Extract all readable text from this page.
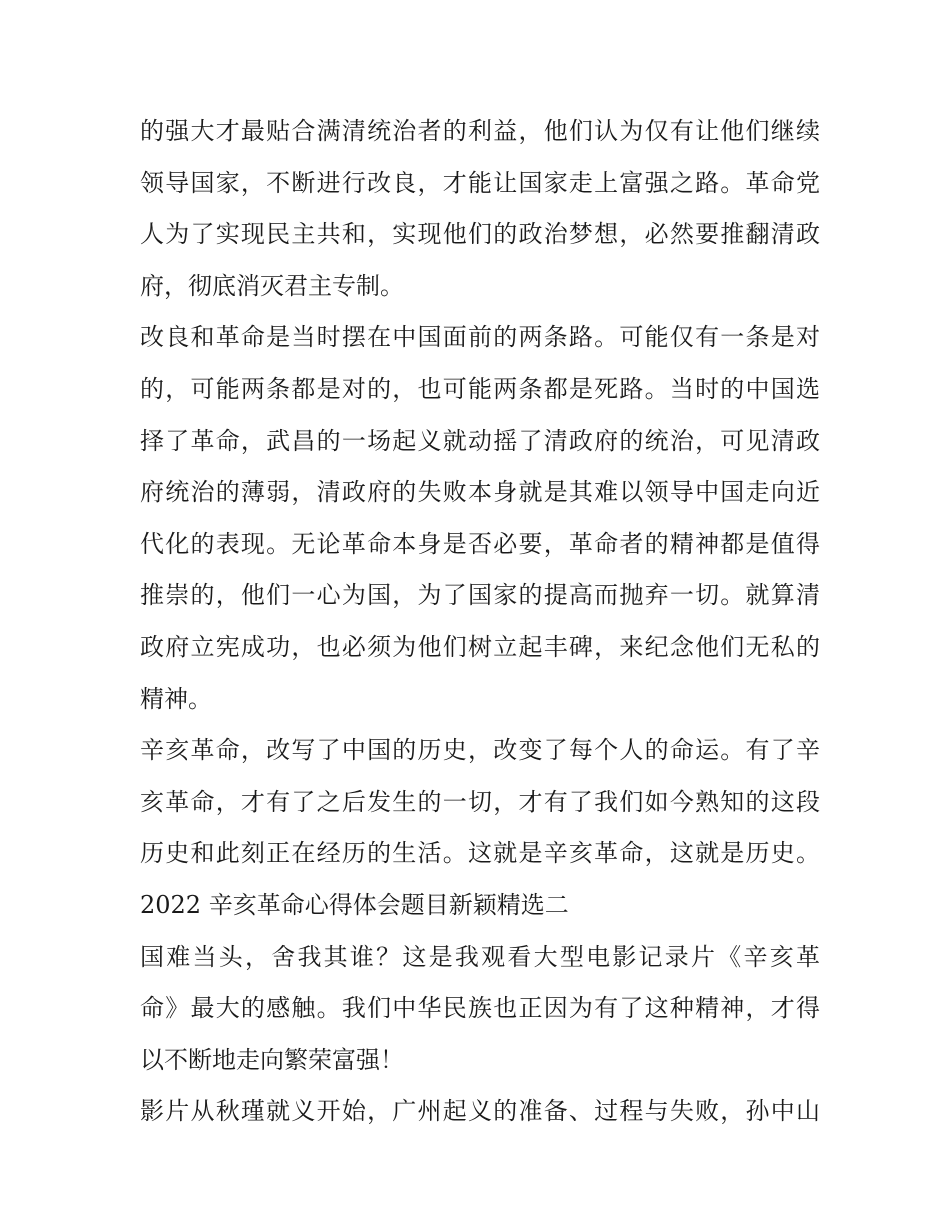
的强大才最贴合满清统治者的利益，他们认为仅有让他们继续
领导国家，不断进行改良，才能让国家走上富强之路。革命党
人为了实现民主共和，实现他们的政治梦想，必然要推翻清政
府，彻底消灭君主专制。
改良和革命是当时摆在中国面前的两条路。可能仅有一条是对
的，可能两条都是对的，也可能两条都是死路。当时的中国选
择了革命，武昌的一场起义就动摇了清政府的统治，可见清政
府统治的薄弱，清政府的失败本身就是其难以领导中国走向近
代化的表现。无论革命本身是否必要，革命者的精神都是值得
推崇的，他们一心为国，为了国家的提高而抛弃一切。就算清
政府立宪成功，也必须为他们树立起丰碑，来纪念他们无私的
精神。
辛亥革命，改写了中国的历史，改变了每个人的命运。有了辛
亥革命，才有了之后发生的一切，才有了我们如今熟知的这段
历史和此刻正在经历的生活。这就是辛亥革命，这就是历史。
2022 辛亥革命心得体会题目新颖精选二
国难当头，舍我其谁？这是我观看大型电影记录片《辛亥革
命》最大的感触。我们中华民族也正因为有了这种精神，才得
以不断地走向繁荣富强！
影片从秋瑾就义开始，广州起义的准备、过程与失败，孙中山
